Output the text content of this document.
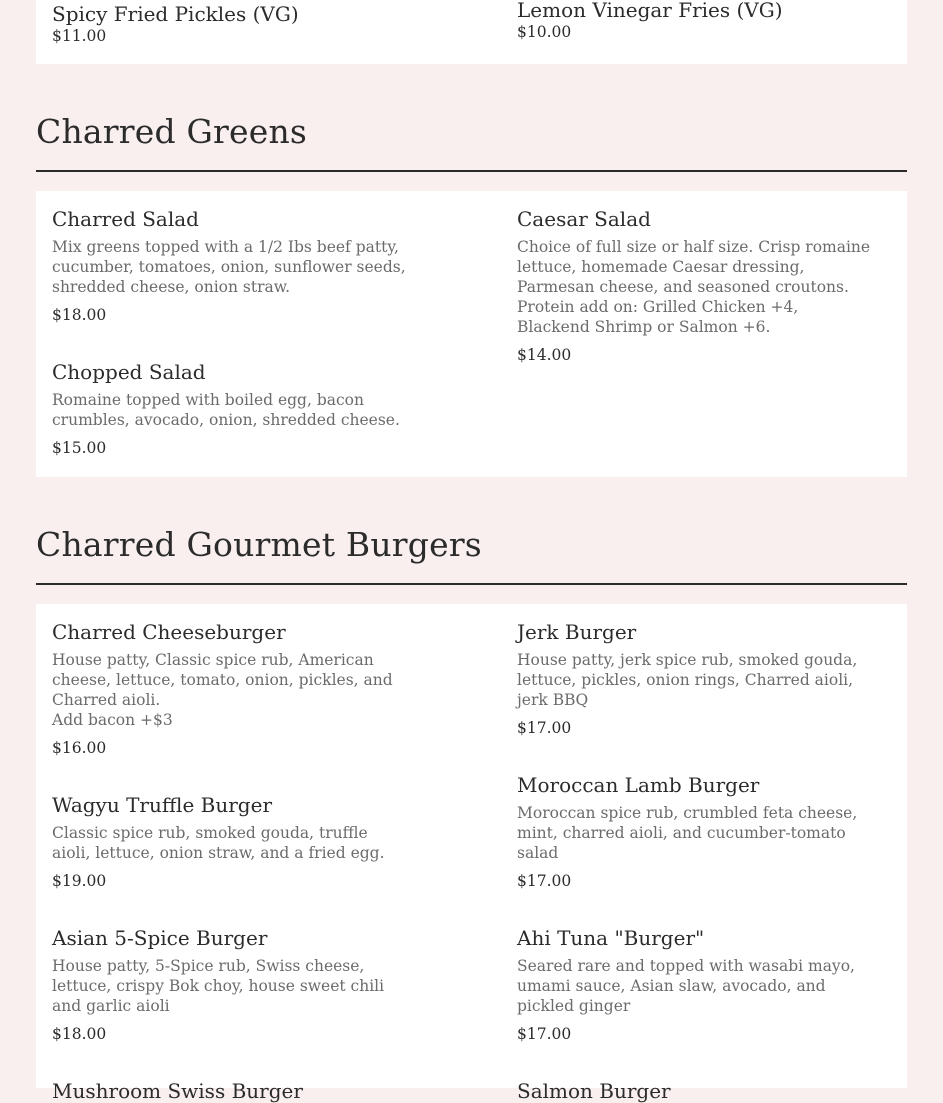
Spicy Fried Pickles (VG)

$11.00

Lemon Vinegar Fries (VG)

$10.00

Charred Greens

Charred Salad

Mix greens topped with a 1/2 Ibs beef patty, cucumber, tomatoes, onion, sunflower seeds, shredded cheese, onion straw.

$18.00

Caesar Salad

Choice of full size or half size. Crisp romaine lettuce, homemade Caesar dressing, Parmesan cheese, and seasoned croutons. Protein add on: Grilled Chicken +4, Blackend Shrimp or Salmon +6.

$14.00

Chopped Salad

Romaine topped with boiled egg, bacon crumbles, avocado, onion, shredded cheese.

$15.00

Charred Gourmet Burgers

Charred Cheeseburger

House patty, Classic spice rub, American cheese, lettuce, tomato, onion, pickles, and Charred aioli.
Add bacon +$3

$16.00

Jerk Burger

House patty, jerk spice rub, smoked gouda, lettuce, pickles, onion rings, Charred aioli, jerk BBQ

$17.00

Wagyu Truffle Burger

Classic spice rub, smoked gouda, truffle aioli, lettuce, onion straw, and a fried egg.

$19.00

Moroccan Lamb Burger

Moroccan spice rub, crumbled feta cheese, mint, charred aioli, and cucumber-tomato salad

$17.00

Asian 5-Spice Burger

House patty, 5-Spice rub, Swiss cheese, lettuce, crispy Bok choy, house sweet chili and garlic aioli

$18.00

Ahi Tuna "Burger"

Seared rare and topped with wasabi mayo, umami sauce, Asian slaw, avocado, and pickled ginger

$17.00

Mushroom Swiss Burger	Salmon Burger
